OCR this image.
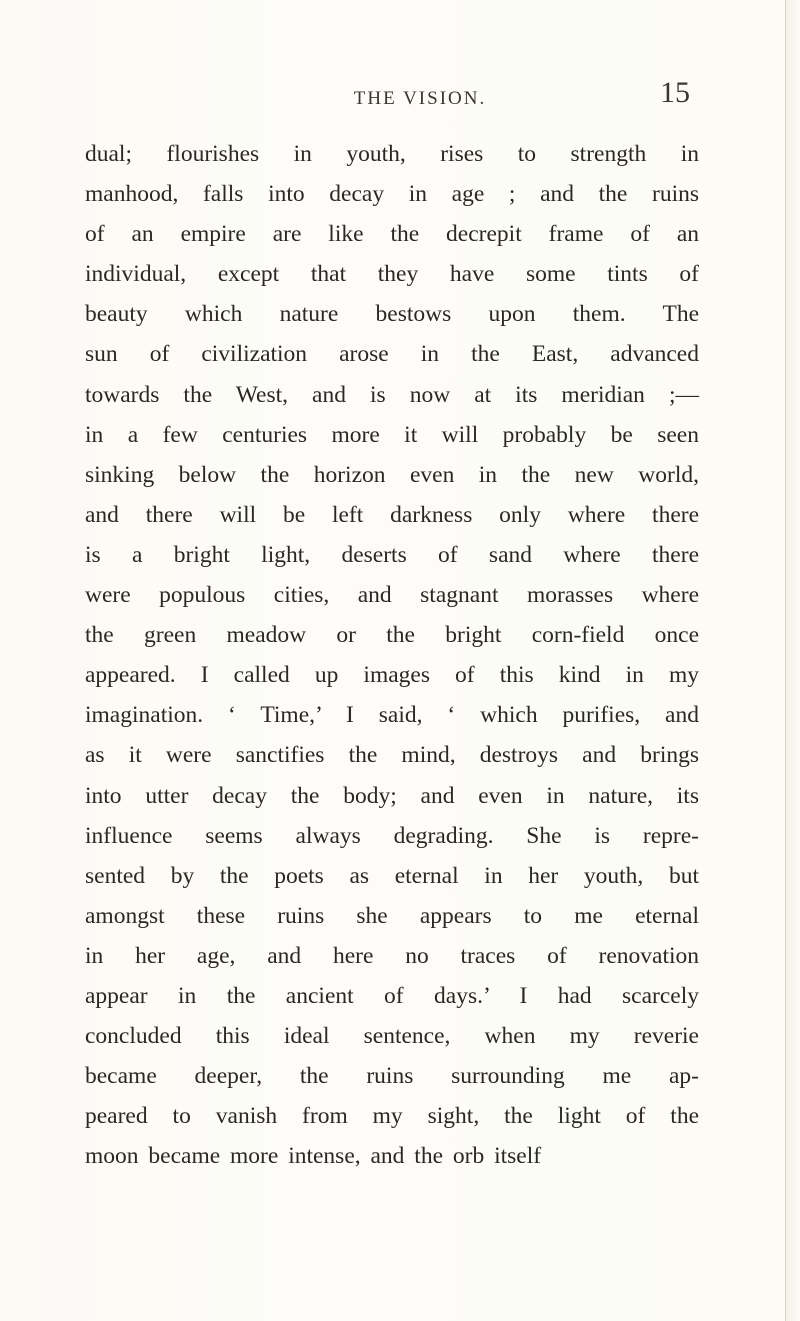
THE VISION.	15
dual; flourishes in youth, rises to strength in
manhood, falls into decay in age ; and the ruins
of an empire are like the decrepit frame of an
individual, except that they have some tints of
beauty which nature bestows upon them. The
sun of civilization arose in the East, advanced
towards the West, and is now at its meridian ;—
in a few centuries more it will probably be seen
sinking below the horizon even in the new world,
and there will be left darkness only where there
is a bright light, deserts of sand where there
were populous cities, and stagnant morasses where
the green meadow or the bright corn-field once
appeared. I called up images of this kind in my
imagination. ‘ Time,’ I said, ‘ which purifies, and
as it were sanctifies the mind, destroys and brings
into utter decay the body; and even in nature, its
influence seems always degrading. She is repre-
sented by the poets as eternal in her youth, but
amongst these ruins she appears to me eternal
in her age, and here no traces of renovation
appear in the ancient of days.’ I had scarcely
concluded this ideal sentence, when my reverie
became deeper, the ruins surrounding me ap-
peared to vanish from my sight, the light of the
moon became more intense, and the orb itself
